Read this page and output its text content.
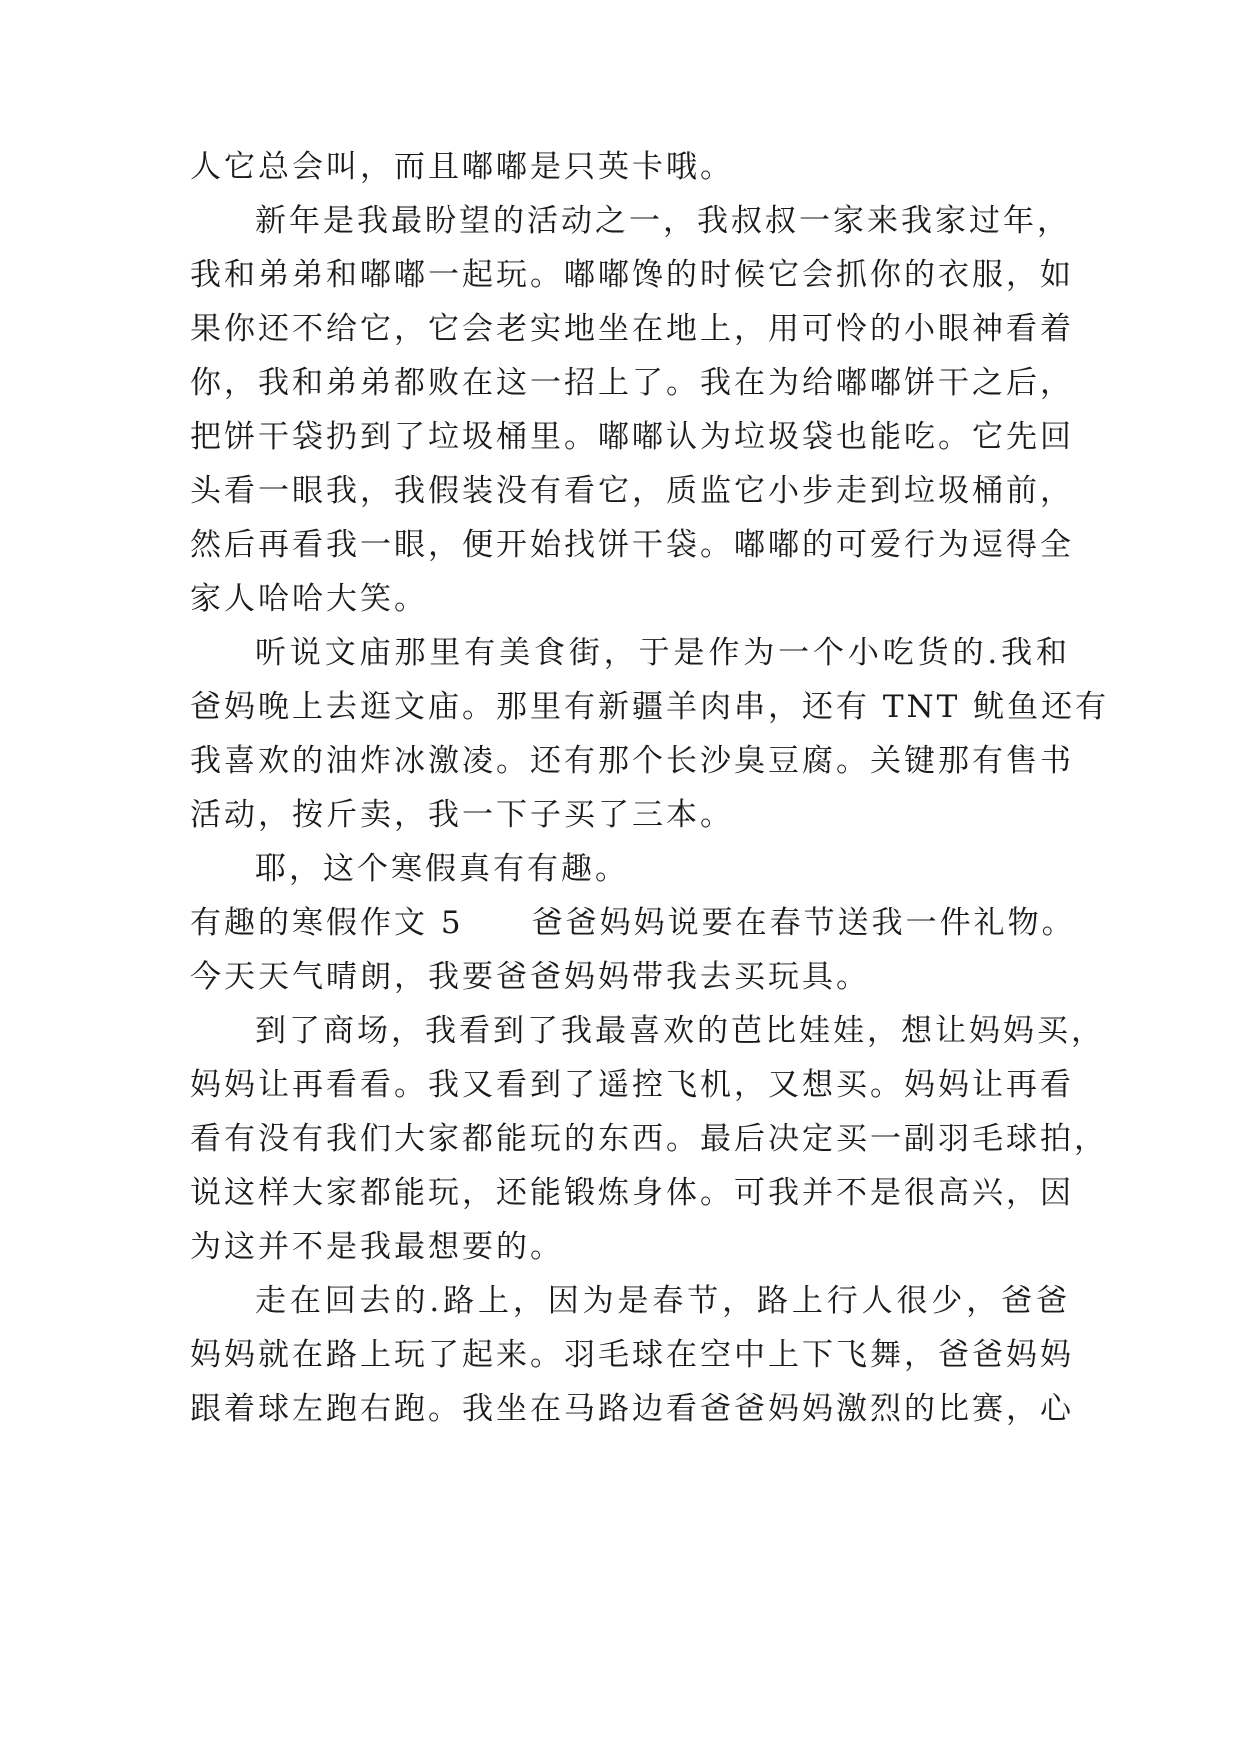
人它总会叫，而且嘟嘟是只英卡哦。
新年是我最盼望的活动之一，我叔叔一家来我家过年，
我和弟弟和嘟嘟一起玩。嘟嘟馋的时候它会抓你的衣服，如
果你还不给它，它会老实地坐在地上，用可怜的小眼神看着
你，我和弟弟都败在这一招上了。我在为给嘟嘟饼干之后，
把饼干袋扔到了垃圾桶里。嘟嘟认为垃圾袋也能吃。它先回
头看一眼我，我假装没有看它，质监它小步走到垃圾桶前，
然后再看我一眼，便开始找饼干袋。嘟嘟的可爱行为逗得全
家人哈哈大笑。
听说文庙那里有美食街，于是作为一个小吃货的.我和
爸妈晚上去逛文庙。那里有新疆羊肉串，还有 TNT 鱿鱼还有
我喜欢的油炸冰激凌。还有那个长沙臭豆腐。关键那有售书
活动，按斤卖，我一下子买了三本。
耶，这个寒假真有有趣。
有趣的寒假作文 5　　爸爸妈妈说要在春节送我一件礼物。
今天天气晴朗，我要爸爸妈妈带我去买玩具。
到了商场，我看到了我最喜欢的芭比娃娃，想让妈妈买，
妈妈让再看看。我又看到了遥控飞机，又想买。妈妈让再看
看有没有我们大家都能玩的东西。最后决定买一副羽毛球拍，
说这样大家都能玩，还能锻炼身体。可我并不是很高兴，因
为这并不是我最想要的。
走在回去的.路上，因为是春节，路上行人很少，爸爸
妈妈就在路上玩了起来。羽毛球在空中上下飞舞，爸爸妈妈
跟着球左跑右跑。我坐在马路边看爸爸妈妈激烈的比赛，心
